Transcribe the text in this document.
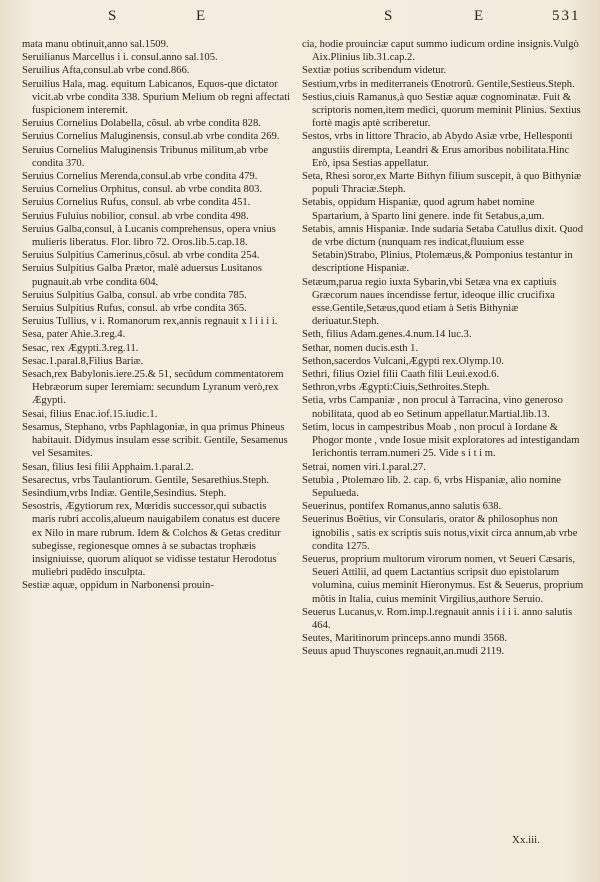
S	E	S	E	531

mata manu obtinuit,anno sal.1509.

Seruilianus Marcellus i i. consul.anno sal.105.

Seruilius Afta,consul.ab vrbe cond.866.

Seruilius Hala, mag. equitum Labicanos, Equos-que dictator vicit.ab vrbe condita 338. Spurium Melium ob regni affectati fuspicionem interemit.

Seruius Cornelius Dolabella, cõsul. ab vrbe condita 828.

Seruius Cornelius Maluginensis, consul.ab vrbe condita 269.

Seruius Cornelius Maluginensis Tribunus militum,ab vrbe condita 370.

Seruius Cornelius Merenda,consul.ab vrbe condita 479.

Seruius Cornelius Orphitus, consul. ab vrbe condita 803.

Seruius Cornelius Rufus, consul. ab vrbe condita 451.

Seruius Fuluius nobilior, consul. ab vrbe condita 498.

Seruius Galba,consul, à Lucanis comprehensus, opera vnius mulieris liberatus. Flor. libro 72. Oros.lib.5.cap.18.

Seruius Sulpitius Camerinus,cõsul. ab vrbe condita 254.

Seruius Sulpitius Galba Prætor, malè aduersus Lusitanos pugnauit.ab vrbe condita 604.

Seruius Sulpitius Galba, consul. ab vrbe condita 785.

Seruius Sulpitius Rufus, consul. ab vrbe condita 365.

Seruius Tullius, v i. Romanorum rex,annis regnauit x l i i i i.

Sesa, pater Ahie.3.reg.4.

Sesac, rex Ægypti.3.reg.11.

Sesac.1.paral.8,Filius Bariæ.

Sesach,rex Babylonis.iere.25.& 51, secũdum commentatorem Hebræorum super Ieremiam: secundum Lyranum verò,rex Ægypti.

Sesai, filius Enac.iof.15.iudic.1.

Sesamus, Stephano, vrbs Paphlagoniæ, in qua primus Phineus habitauit. Didymus insulam esse scribit. Gentile, Sesamenus vel Sesamites.

Sesan, filius Iesi filii Apphaim.1.paral.2.

Sesarectus, vrbs Taulantiorum. Gentile, Sesarethius.Steph.

Sesindium,vrbs Indiæ. Gentile,Sesindius. Steph.

Sesostris, Ægytiorum rex, Mœridis successor,qui subactis maris rubri accolis,alueum nauigabilem conatus est ducere ex Nilo in mare rubrum. Idem & Colchos & Getas creditur subegisse, regionesque omnes à se subactas trophæis insigniuisse, quorum aliquot se vidisse testatur Herodotus muliebri pudẽdo insculpta.

Sestiæ aquæ, oppidum in Narbonensi prouin-

cia, hodie prouinciæ caput summo iudicum ordine insignis.Vulgò Aix.Plinius lib.31.cap.2.

Sextiæ potius scribendum videtur.

Sestium,vrbs in mediterraneis Œnotrorũ. Gentile,Sestieus.Steph.

Sestius,ciuis Ramanus,à quo Sestiæ aquæ cognominatæ. Fuit & scriptoris nomen,item medici, quorum meminit Plinius. Sextius fortè magis aptè scriberetur.

Sestos, vrbs in littore Thracio, ab Abydo Asiæ vrbe, Hellesponti angustiis dirempta, Leandri & Erus amoribus nobilitata.Hinc Erò, ipsa Sestias appellatur.

Seta, Rhesi soror,ex Marte Bithyn filium suscepit, à quo Bithyniæ populi Thraciæ.Steph.

Setabis, oppidum Hispaniæ, quod agrum habet nomine Spartarium, à Sparto lini genere. inde fit Setabus,a,um.

Setabis, amnis Hispaniæ. Inde sudaria Setaba Catullus dixit. Quod de vrbe dictum (nunquam res indicat,fluuium esse Setabin)Strabo, Plinius, Ptolemæus,& Pomponius testantur in descriptione Hispaniæ.

Setæum,parua regio iuxta Sybarin,vbi Setæa vna ex captiuis Græcorum naues incendisse fertur, ideoque illic crucifixa esse.Gentile,Setæus,quod etiam à Setis Bithyniæ deriuatur.Steph.

Seth, filius Adam.genes.4.num.14 luc.3.

Sethar, nomen ducis.esth 1.

Sethon,sacerdos Vulcani,Ægypti rex.Olymp.10.

Sethri, filius Oziel filii Caath filii Leui.exod.6.

Sethron,vrbs Ægypti:Ciuis,Sethroites.Steph.

Setia, vrbs Campaniæ , non procul à Tarracina, vino generoso nobilitata, quod ab eo Setinum appellatur.Martial.lib.13.

Setim, locus in campestribus Moab , non procul à Iordane & Phogor monte , vnde Iosue misit exploratores ad intestigandam Ierichontis terram.numeri 25. Vide s i t i m.

Setrai, nomen viri.1.paral.27.

Setubia , Ptolemæo lib. 2. cap. 6, vrbs Hispaniæ, alio nomine Sepulueda.

Seuerinus, pontifex Romanus,anno salutis 638.

Seuerinus Boëtius, vir Consularis, orator & philosophus non ignobilis , satis ex scriptis suis notus,vixit circa annum,ab vrbe condita 1275.

Seuerus, proprium multorum virorum nomen, vt Seueri Cæsaris, Seueri Attilii, ad quem Lactantius scripsit duo epistolarum volumina, cuius meminit Hieronymus. Est & Seuerus, proprium mõtis in Italia, cuius meminit Virgilius,authore Seruio.

Seuerus Lucanus,v. Rom.imp.l.regnauit annis i i i i. anno salutis 464.

Seutes, Maritinorum princeps.anno mundi 3568.

Seuus apud Thuyscones regnauit,an.mudi 2119.

Xx.iii.
